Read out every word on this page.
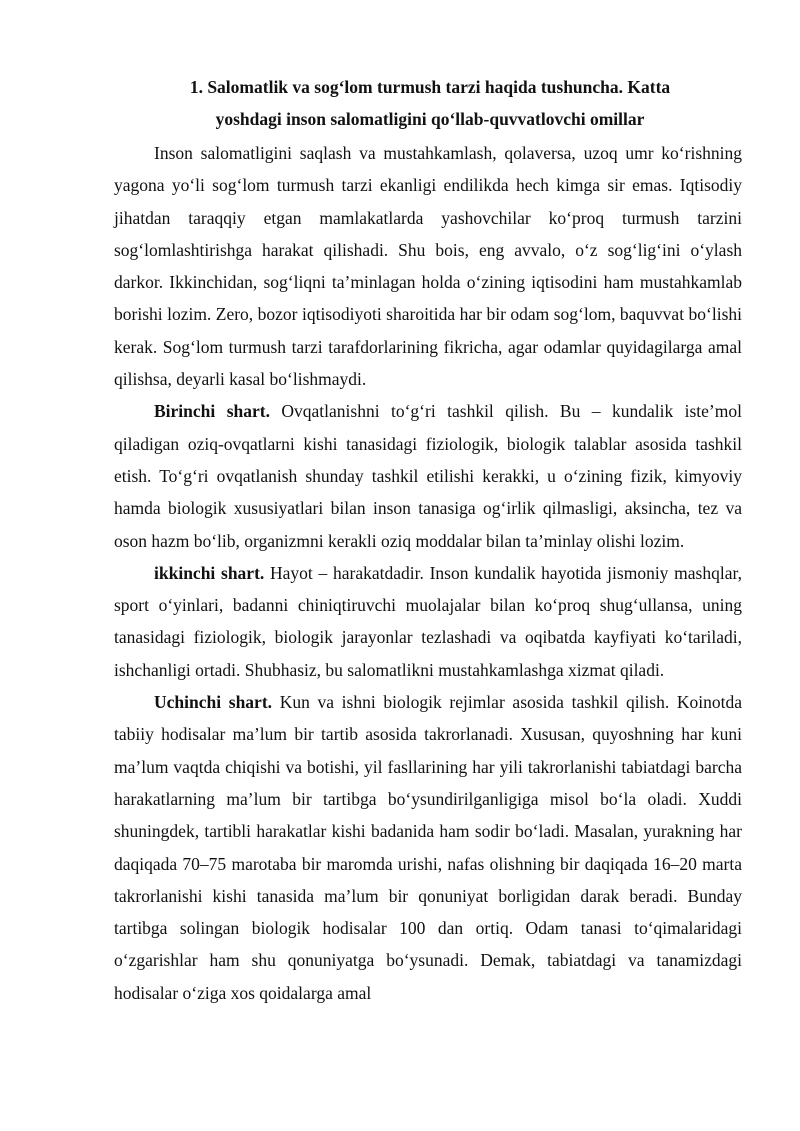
1. Salomatlik va sog‘lom turmush tarzi haqida tushuncha. Katta
yoshdagi inson salomatligini qo‘llab-quvvatlovchi omillar

Inson salomatligini saqlash va mustahkamlash, qolaversa, uzoq umr ko‘rishning yagona yo‘li sog‘lom turmush tarzi ekanligi endilikda hech kimga sir emas. Iqtisodiy jihatdan taraqqiy etgan mamlakatlarda yashovchilar ko‘proq turmush tarzini sog‘lomlashtirishga harakat qilishadi. Shu bois, eng avvalo, o‘z sog‘lig‘ini o‘ylash darkor. Ikkinchidan, sog‘liqni ta’minlagan holda o‘zining iqtisodini ham mustahkamlab borishi lozim. Zero, bozor iqtisodiyoti sharoitida har bir odam sog‘lom, baquvvat bo‘lishi kerak. Sog‘lom turmush tarzi tarafdorlarining fikricha, agar odamlar quyidagilarga amal qilishsa, deyarli kasal bo‘lishmaydi.

Birinchi shart. Ovqatlanishni to‘g‘ri tashkil qilish. Bu – kundalik iste’mol qiladigan oziq-ovqatlarni kishi tanasidagi fiziologik, biologik talablar asosida tashkil etish. To‘g‘ri ovqatlanish shunday tashkil etilishi kerakki, u o‘zining fizik, kimyoviy hamda biologik xususiyatlari bilan inson tanasiga og‘irlik qilmasligi, aksincha, tez va oson hazm bo‘lib, organizmni kerakli oziq moddalar bilan ta’minlay olishi lozim.

ikkinchi shart. Hayot – harakatdadir. Inson kundalik hayotida jismoniy mashqlar, sport o‘yinlari, badanni chiniqtiruvchi muolajalar bilan ko‘proq shug‘ullansa, uning tanasidagi fiziologik, biologik jarayonlar tezlashadi va oqibatda kayfiyati ko‘tariladi, ishchanligi ortadi. Shubhasiz, bu salomatlikni mustahkamlashga xizmat qiladi.

Uchinchi shart. Kun va ishni biologik rejimlar asosida tashkil qilish. Koinotda tabiiy hodisalar ma’lum bir tartib asosida takrorlanadi. Xususan, quyoshning har kuni ma’lum vaqtda chiqishi va botishi, yil fasllarining har yili takrorlanishi tabiatdagi barcha harakatlarning ma’lum bir tartibga bo‘ysundirilganligiga misol bo‘la oladi. Xuddi shuningdek, tartibli harakatlar kishi badanida ham sodir bo‘ladi. Masalan, yurakning har daqiqada 70–75 marotaba bir maromda urishi, nafas olishning bir daqiqada 16–20 marta takrorlanishi kishi tanasida ma’lum bir qonuniyat borligidan darak beradi. Bunday tartibga solingan biologik hodisalar 100 dan ortiq. Odam tanasi to‘qimalaridagi o‘zgarishlar ham shu qonuniyatga bo‘ysunadi. Demak, tabiatdagi va tanamizdagi hodisalar o‘ziga xos qoidalarga amal
